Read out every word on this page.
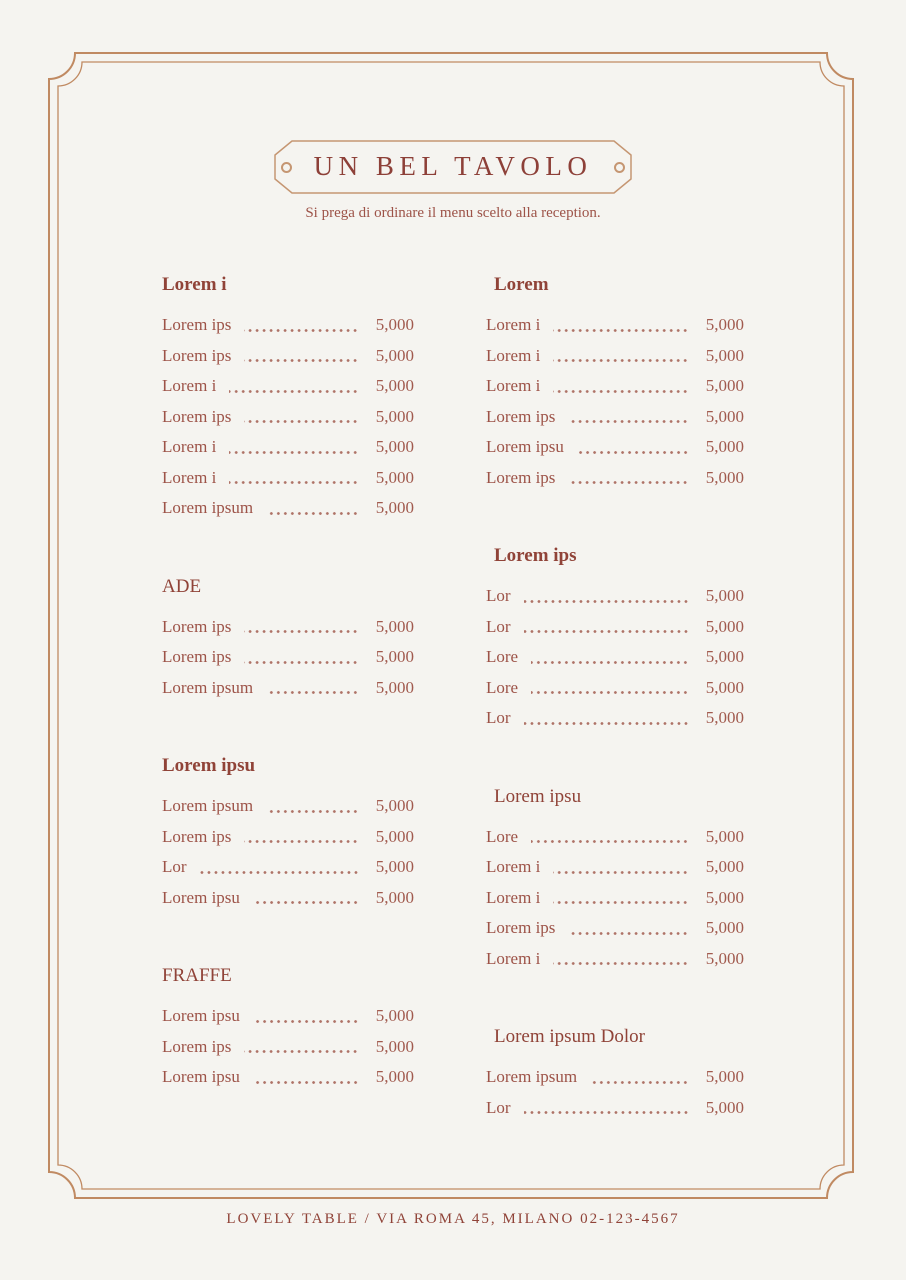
UN BEL TAVOLO
Si prega di ordinare il menu scelto alla reception.
Lorem i
Lorem ips	5,000
Lorem ips	5,000
Lorem i	5,000
Lorem ips	5,000
Lorem i	5,000
Lorem i	5,000
Lorem ipsum	5,000
ADE
Lorem ips	5,000
Lorem ips	5,000
Lorem ipsum	5,000
Lorem ipsu
Lorem ipsum	5,000
Lorem ips	5,000
Lor	5,000
Lorem ipsu	5,000
FRAFFE
Lorem ipsu	5,000
Lorem ips	5,000
Lorem ipsu	5,000
Lorem
Lorem i	5,000
Lorem i	5,000
Lorem i	5,000
Lorem ips	5,000
Lorem ipsu	5,000
Lorem ips	5,000
Lorem ips
Lor	5,000
Lor	5,000
Lore	5,000
Lore	5,000
Lor	5,000
Lorem ipsu
Lore	5,000
Lorem i	5,000
Lorem i	5,000
Lorem ips	5,000
Lorem i	5,000
Lorem ipsum Dolor
Lorem ipsum	5,000
Lor	5,000
LOVELY TABLE / VIA ROMA 45, MILANO 02-123-4567
